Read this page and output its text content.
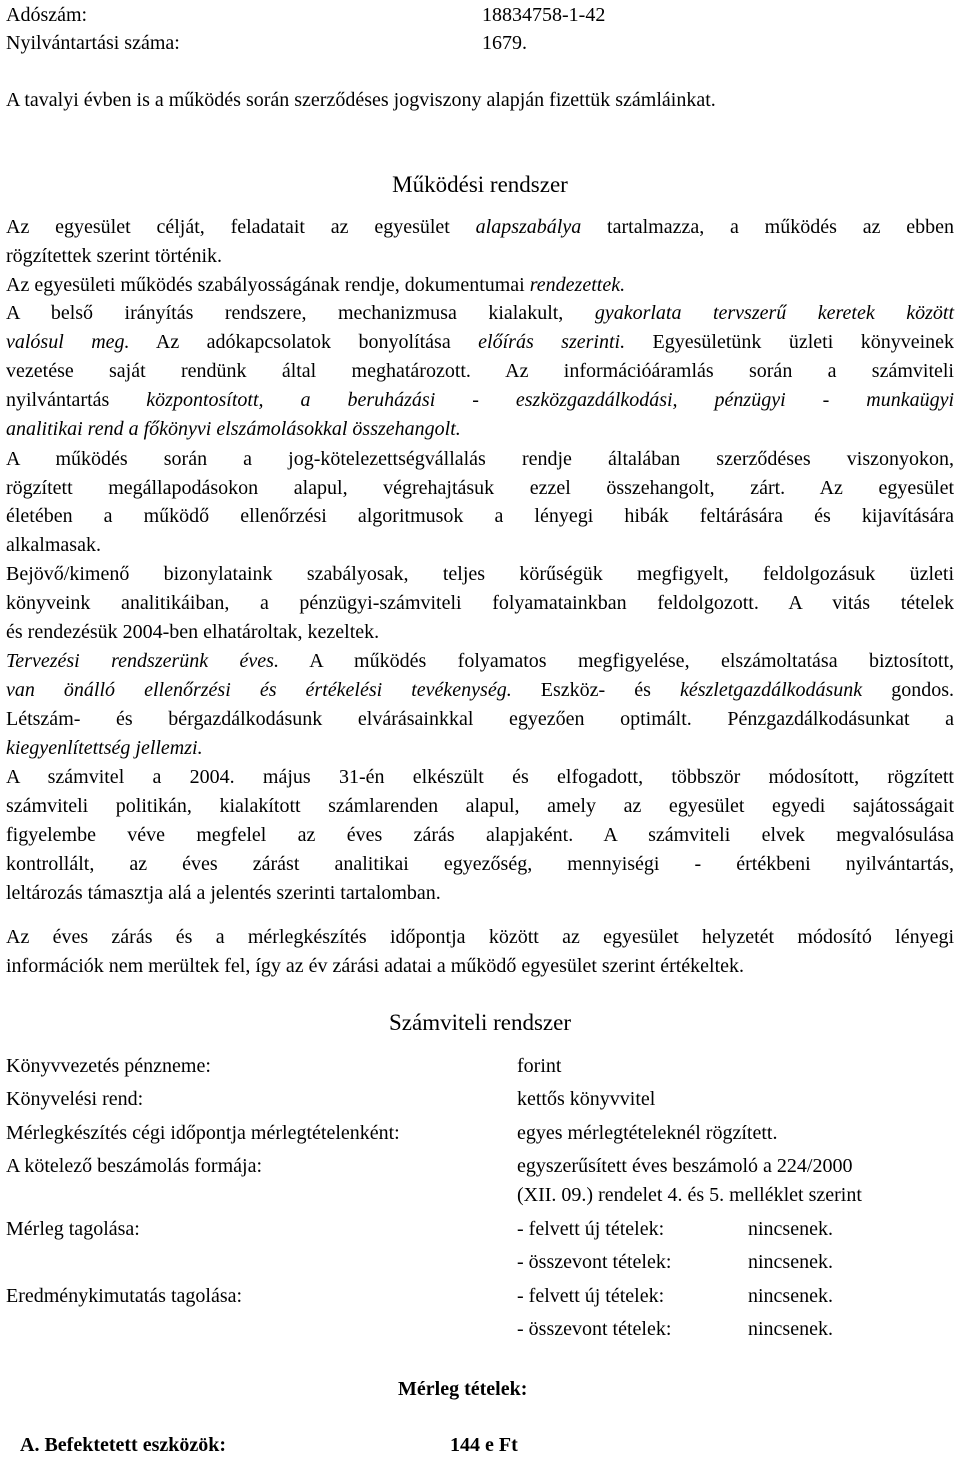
Adószám:	18834758-1-42
Nyilvántartási száma:	1679.
A tavalyi évben is a működés során szerződéses jogviszony alapján fizettük számláinkat.
Működési rendszer
Az egyesület célját, feladatait az egyesület alapszabálya tartalmazza, a működés az ebben
rögzítettek szerint történik.
Az egyesületi működés szabályosságának rendje, dokumentumai rendezettek.
A belső irányítás rendszere, mechanizmusa kialakult, gyakorlata tervszerű keretek között
valósul meg. Az adókapcsolatok bonyolítása előírás szerinti. Egyesületünk üzleti könyveinek
vezetése saját rendünk által meghatározott. Az információáramlás során a számviteli
nyilvántartás központosított, a beruházási - eszközgazdálkodási, pénzügyi - munkaügyi
analitikai rend a főkönyvi elszámolásokkal összehangolt.
A működés során a jog-kötelezettségvállalás rendje általában szerződéses viszonyokon,
rögzített megállapodásokon alapul, végrehajtásuk ezzel összehangolt, zárt. Az egyesület
életében a működő ellenőrzési algoritmusok a lényegi hibák feltárására és kijavítására
alkalmasak.
Bejövő/kimenő bizonylataink szabályosak, teljes körűségük megfigyelt, feldolgozásuk üzleti
könyveink analitikáiban, a pénzügyi-számviteli folyamatainkban feldolgozott. A vitás tételek
és rendezésük 2004-ben elhatároltak, kezeltek.
Tervezési rendszerünk éves. A működés folyamatos megfigyelése, elszámoltatása biztosított,
van önálló ellenőrzési és értékelési tevékenység. Eszköz- és készletgazdálkodásunk gondos.
Létszám- és bérgazdálkodásunk elvárásainkkal egyezően optimált. Pénzgazdálkodásunkat a
kiegyenlítettség jellemzi.
A számvitel a 2004. május 31-én elkészült és elfogadott, többször módosított, rögzített
számviteli politikán, kialakított számlarenden alapul, amely az egyesület egyedi sajátosságait
figyelembe véve megfelel az éves zárás alapjaként. A számviteli elvek megvalósulása
kontrollált, az éves zárást analitikai egyezőség, mennyiségi - értékbeni nyilvántartás,
leltározás támasztja alá a jelentés szerinti tartalomban.
Az éves zárás és a mérlegkészítés időpontja között az egyesület helyzetét módosító lényegi
információk nem merültek fel, így az év zárási adatai a működő egyesület szerint értékeltek.
Számviteli rendszer
Könyvvezetés pénzneme:	forint
Könyvelési rend:	kettős könyvvitel
Mérlegkészítés cégi időpontja mérlegtételenként:	egyes mérlegtételeknél rögzített.
A kötelező beszámolás formája:	egyszerűsített éves beszámoló a 224/2000
(XII. 09.) rendelet 4. és 5. melléklet szerint
Mérleg tagolása:	- felvett új tételek:	nincsenek.
- összevont tételek:	nincsenek.
Eredménykimutatás tagolása:	- felvett új tételek:	nincsenek.
- összevont tételek:	nincsenek.
Mérleg tételek:
A. Befektetett eszközök:	144 e Ft
